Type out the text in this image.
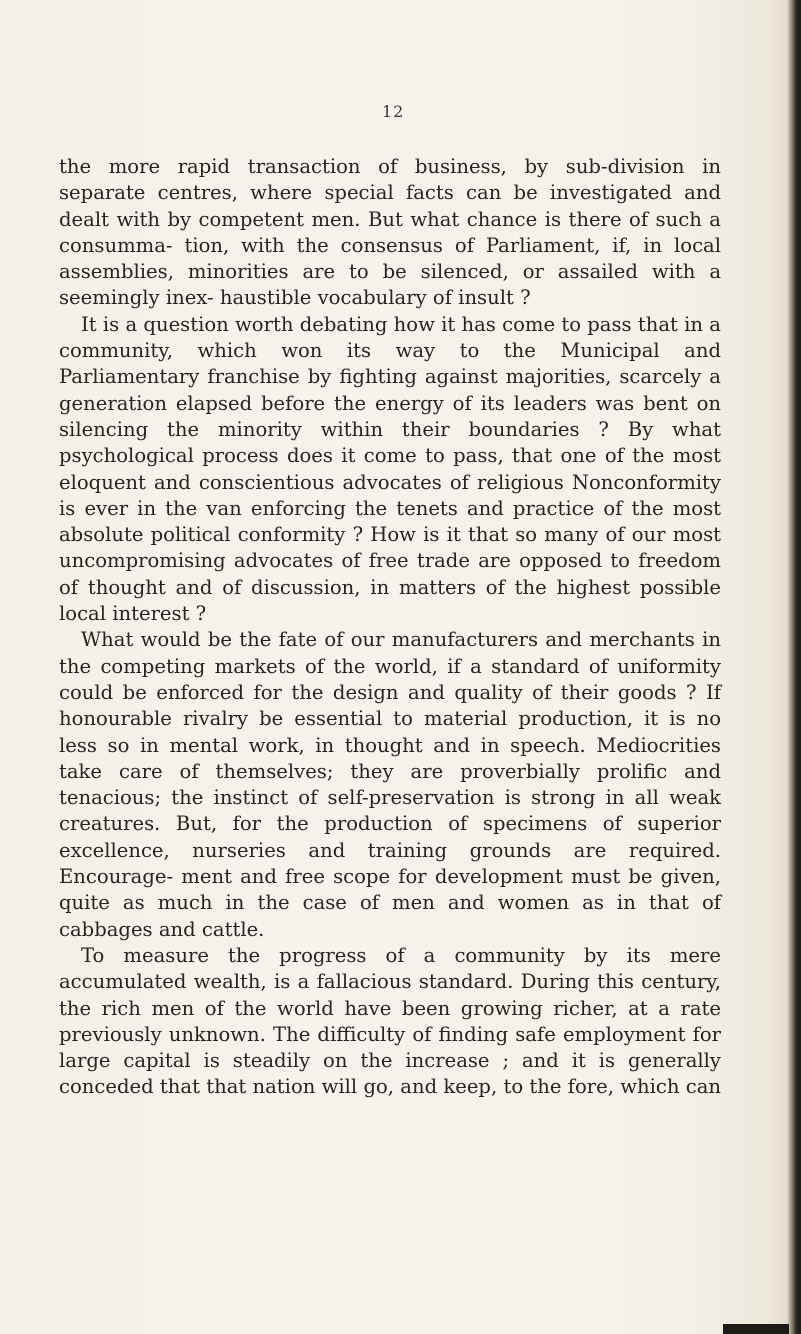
12

the more rapid transaction of business, by sub-division in separate centres, where special facts can be investigated and dealt with by competent men. But what chance is there of such a consumma- tion, with the consensus of Parliament, if, in local assemblies, minorities are to be silenced, or assailed with a seemingly inex- haustible vocabulary of insult ?

It is a question worth debating how it has come to pass that in a community, which won its way to the Municipal and Parliamentary franchise by fighting against majorities, scarcely a generation elapsed before the energy of its leaders was bent on silencing the minority within their boundaries ? By what psychological process does it come to pass, that one of the most eloquent and conscientious advocates of religious Nonconformity is ever in the van enforcing the tenets and practice of the most absolute political conformity ? How is it that so many of our most uncompromising advocates of free trade are opposed to freedom of thought and of discussion, in matters of the highest possible local interest ?

What would be the fate of our manufacturers and merchants in the competing markets of the world, if a standard of uniformity could be enforced for the design and quality of their goods ? If honourable rivalry be essential to material production, it is no less so in mental work, in thought and in speech. Mediocrities take care of themselves; they are proverbially prolific and tenacious; the instinct of self-preservation is strong in all weak creatures. But, for the production of specimens of superior excellence, nurseries and training grounds are required. Encourage- ment and free scope for development must be given, quite as much in the case of men and women as in that of cabbages and cattle.

To measure the progress of a community by its mere accumulated wealth, is a fallacious standard. During this century, the rich men of the world have been growing richer, at a rate previously unknown. The difficulty of finding safe employment for large capital is steadily on the increase ; and it is generally conceded that that nation will go, and keep, to the fore, which can
